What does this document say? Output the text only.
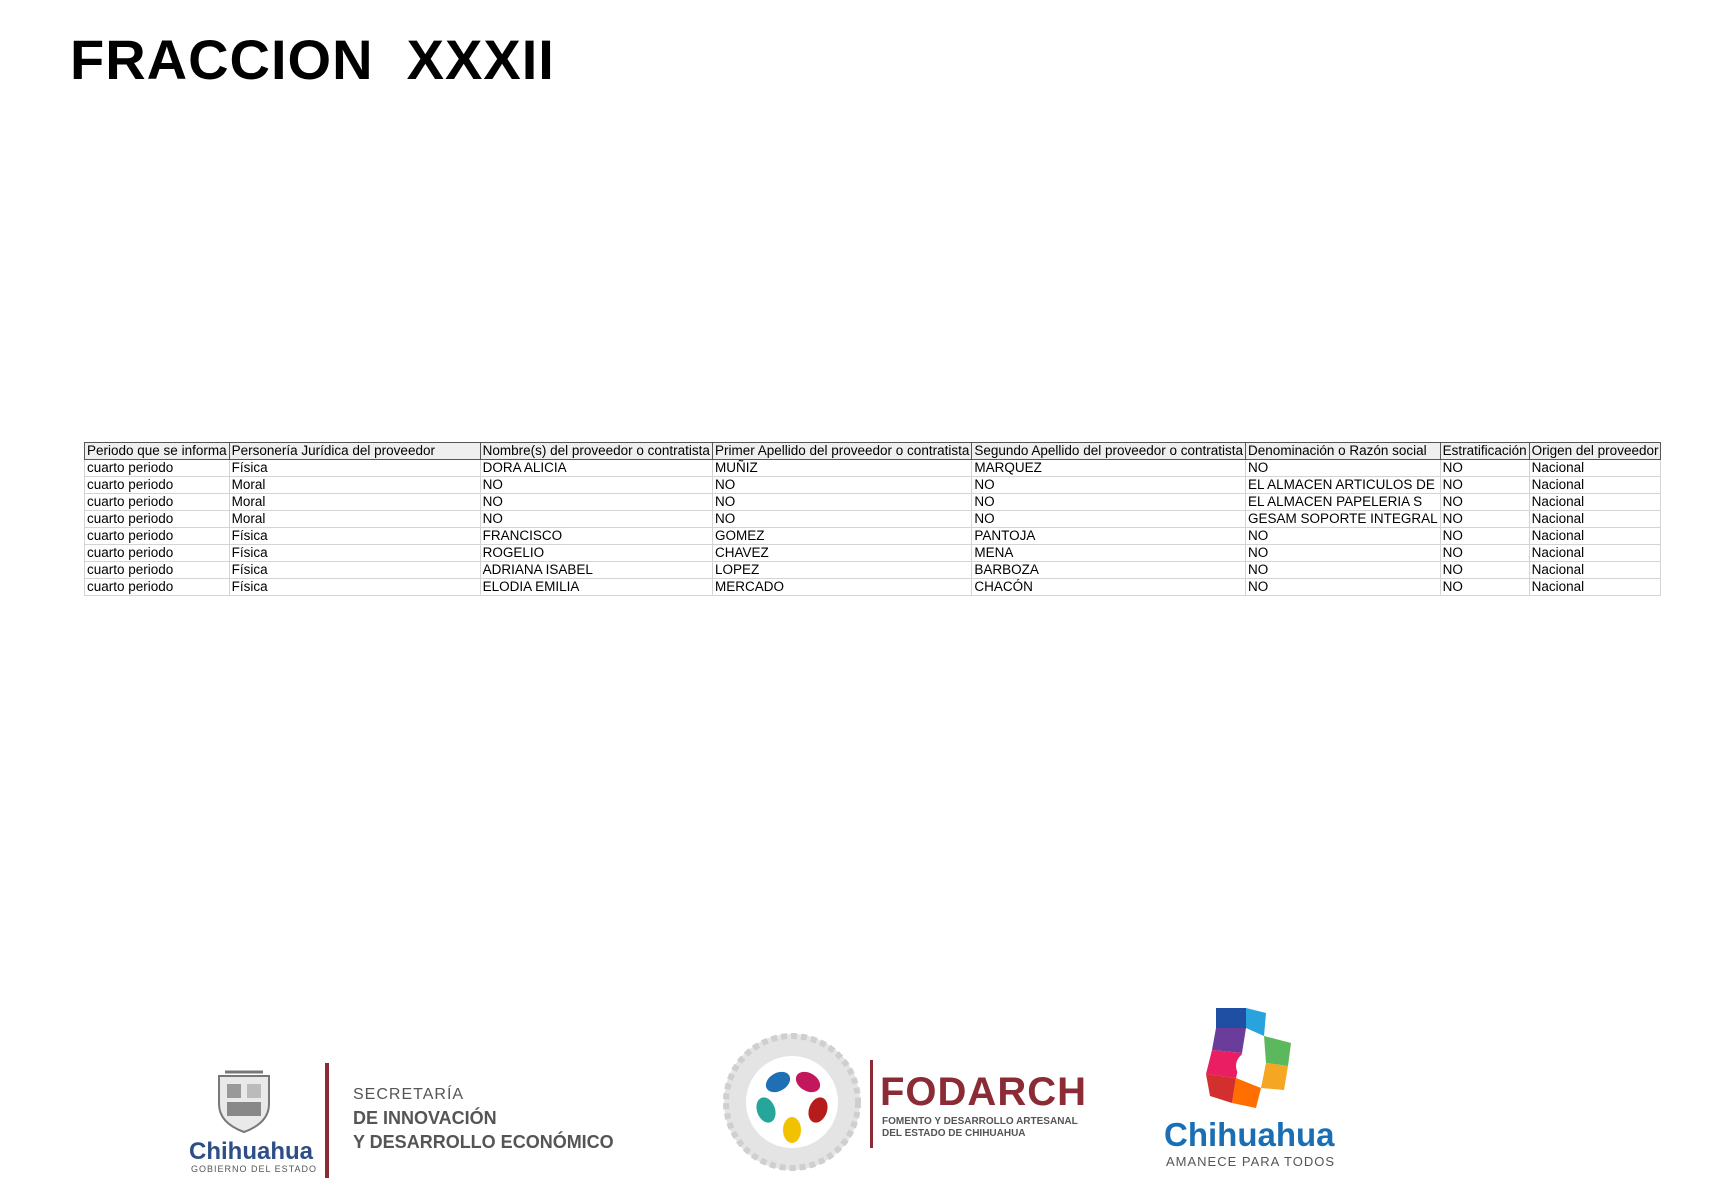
FRACCION  XXXII
Periodo que se informa	Personería Jurídica del proveedor	Nombre(s) del proveedor o contratista	Primer Apellido del proveedor o contratista	Segundo Apellido del proveedor o contratista	Denominación o Razón social	Estratificación	Origen del proveedor
cuarto periodo	Física	DORA ALICIA	MUÑIZ	MARQUEZ	NO	NO	Nacional
cuarto periodo	Moral	NO	NO	NO	EL ALMACEN ARTICULOS DE	NO	Nacional
cuarto periodo	Moral	NO	NO	NO	EL ALMACEN PAPELERIA S	NO	Nacional
cuarto periodo	Moral	NO	NO	NO	GESAM SOPORTE INTEGRAL	NO	Nacional
cuarto periodo	Física	FRANCISCO	GOMEZ	PANTOJA	NO	NO	Nacional
cuarto periodo	Física	ROGELIO	CHAVEZ	MENA	NO	NO	Nacional
cuarto periodo	Física	ADRIANA ISABEL	LOPEZ	BARBOZA	NO	NO	Nacional
cuarto periodo	Física	ELODIA EMILIA	MERCADO	CHACÓN	NO	NO	Nacional
Chihuahua
GOBIERNO DEL ESTADO
SECRETARÍA
DE INNOVACIÓN
Y DESARROLLO ECONÓMICO
FODARCH
FOMENTO Y DESARROLLO ARTESANAL
DEL ESTADO DE CHIHUAHUA	Chihuahua
AMANECE PARA TODOS
